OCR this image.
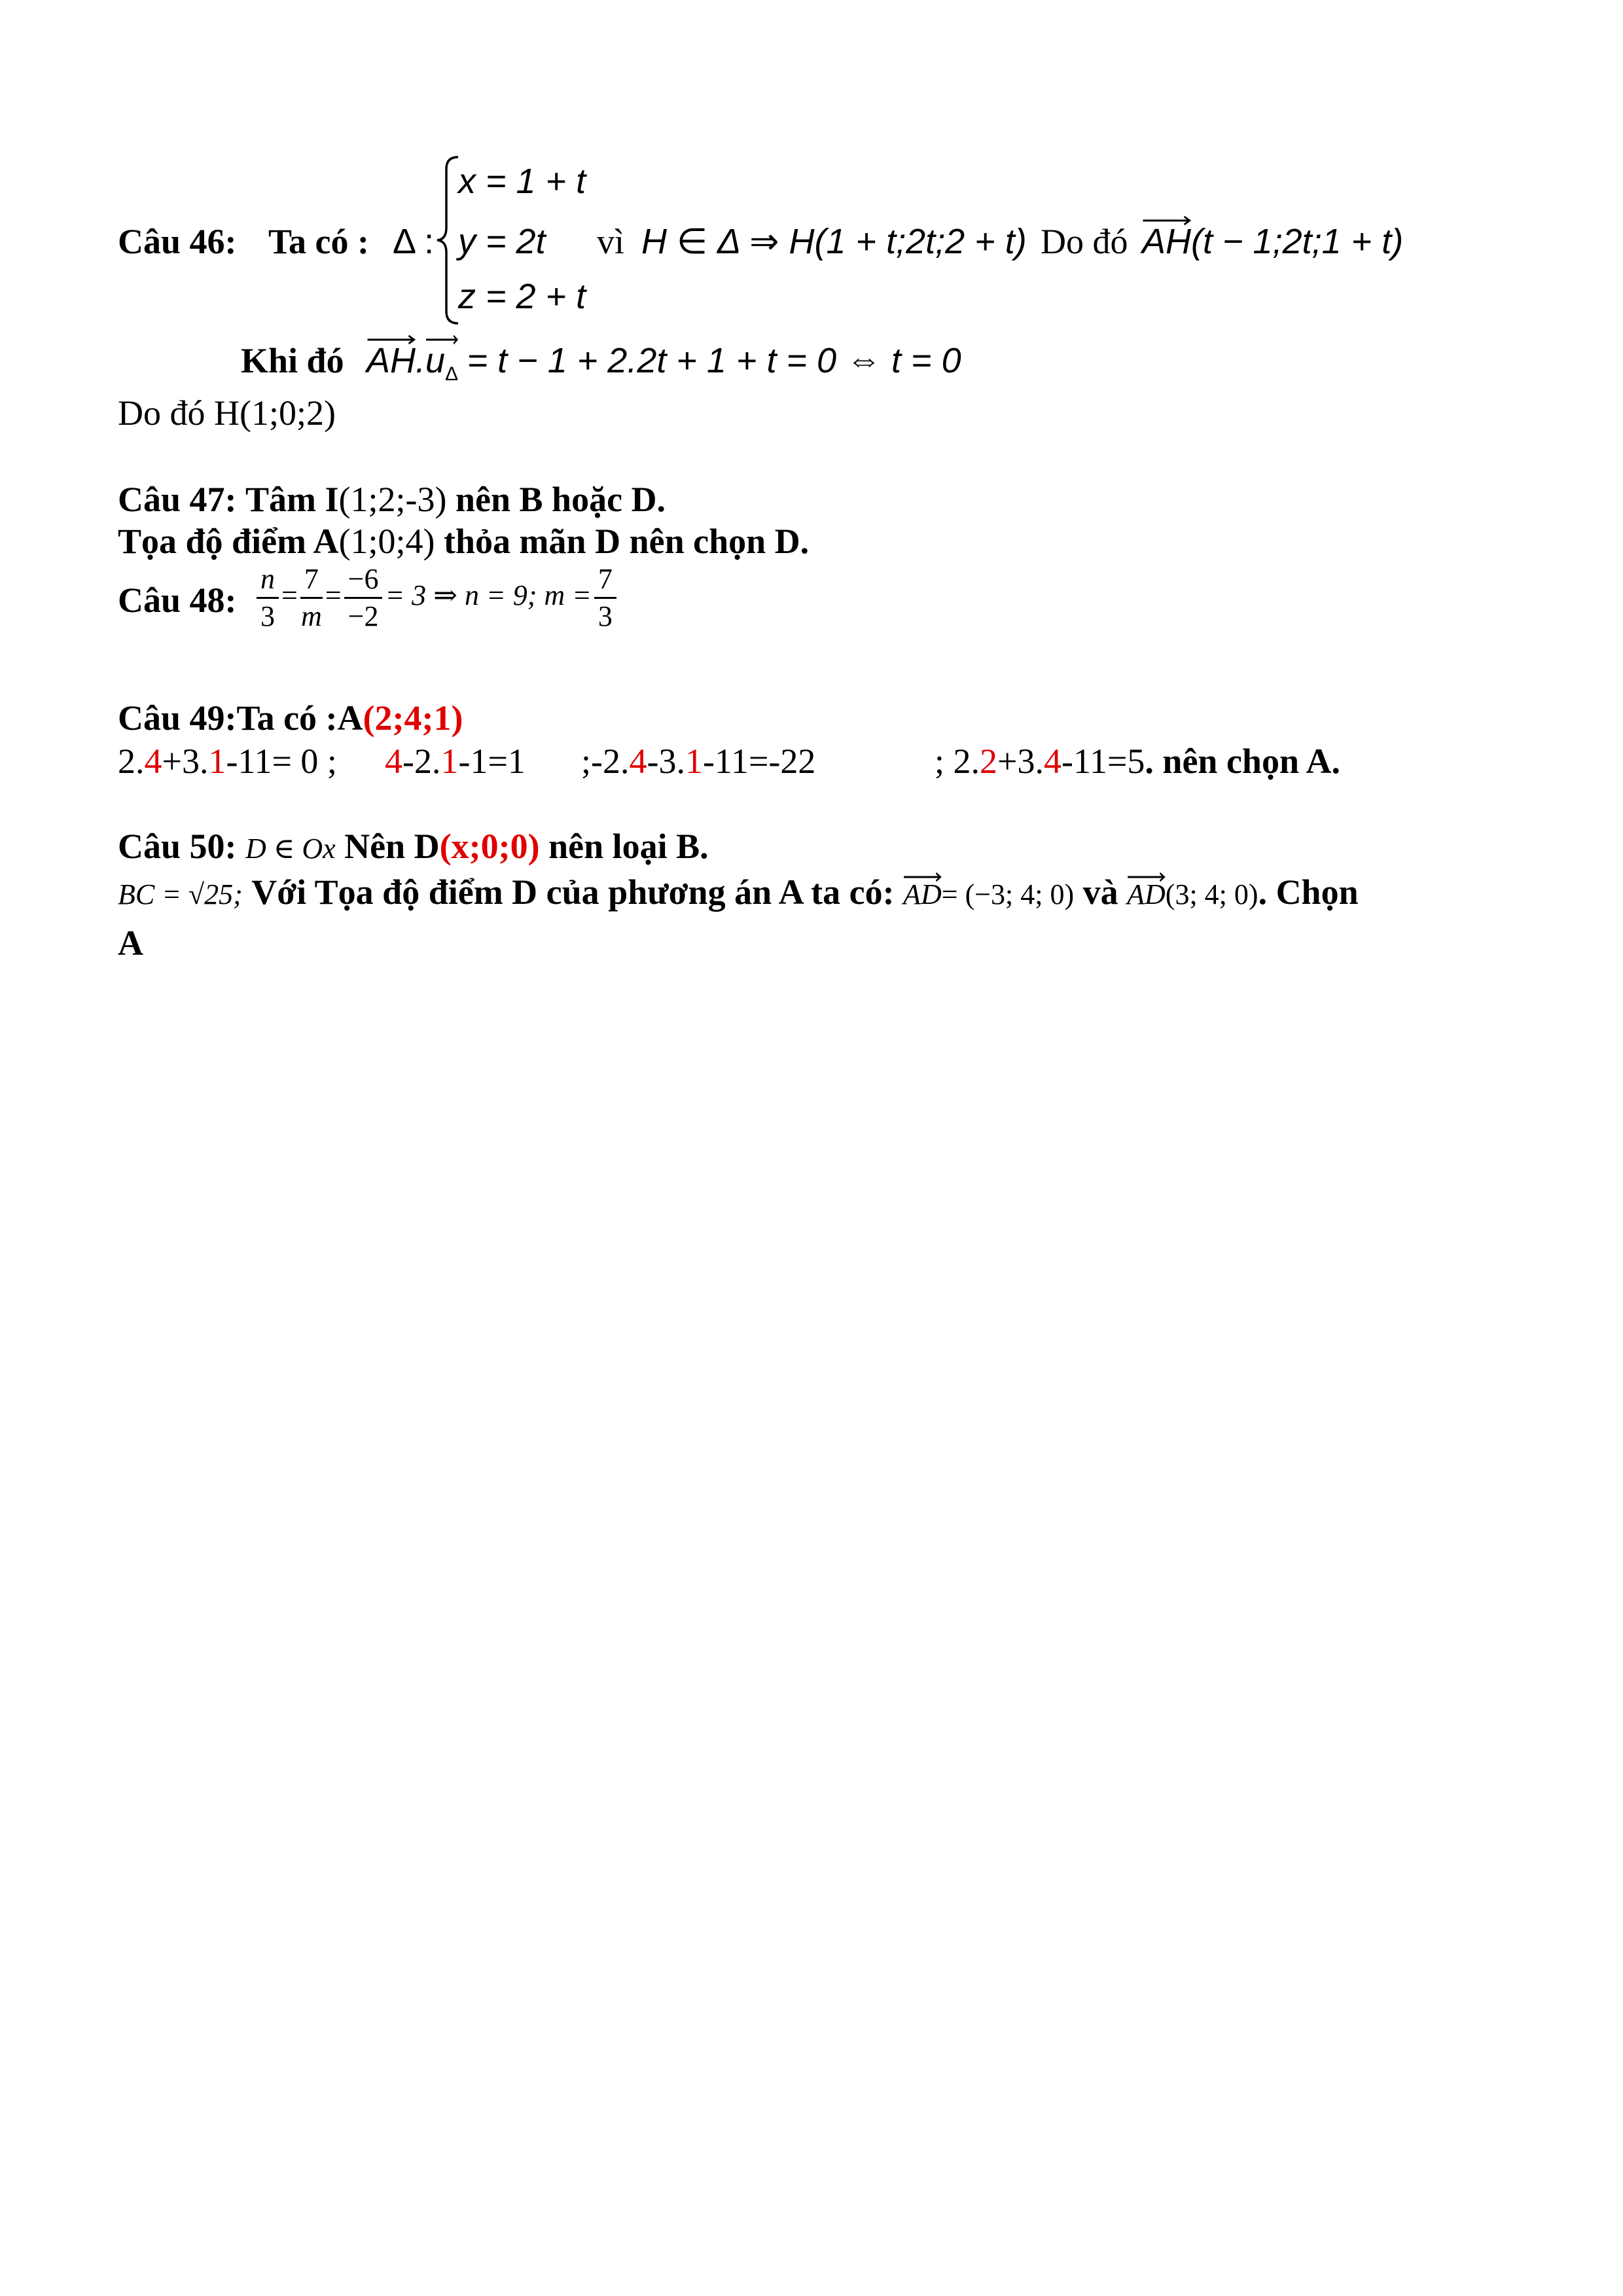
Câu 46: Ta có : Δ :
x = 1 + t
y = 2t
z = 2 + t
vì H ∈ Δ ⇒ H(1 + t;2t;2 + t) Do đó AH(t − 1;2t;1 + t)
Khi đó AH.
$u_\Delta = t - 1 + 2.2t + 1 + t = 0$ ⇔ t = 0
Do đó H(1;0;2)
Câu 47: Tâm I(1;2;-3) nên B hoặc D.
Tọa độ điểm A(1;0;4) thỏa mãn D nên chọn D.
Câu 48: $\frac{n}{3} = \frac{7}{m} = \frac{-6}{-2} = 3$ ⇒ n = 9; $m = \frac{7}{3}$
Câu 49:Ta có :A(2;4;1)
2.4+3.1-11= 0 ; 4-2.1-1=1 ;-2.4-3.1-11=-22	; 2.2+3.4-11=5. nên chọn A.
Câu 50: D ∈ Ox Nên D(x;0;0) nên loại B.
BC = √25; Với Tọa độ điểm D của phương án A ta có: AD= (−3; 4; 0) và AD(3; 4; 0). Chọn
A
